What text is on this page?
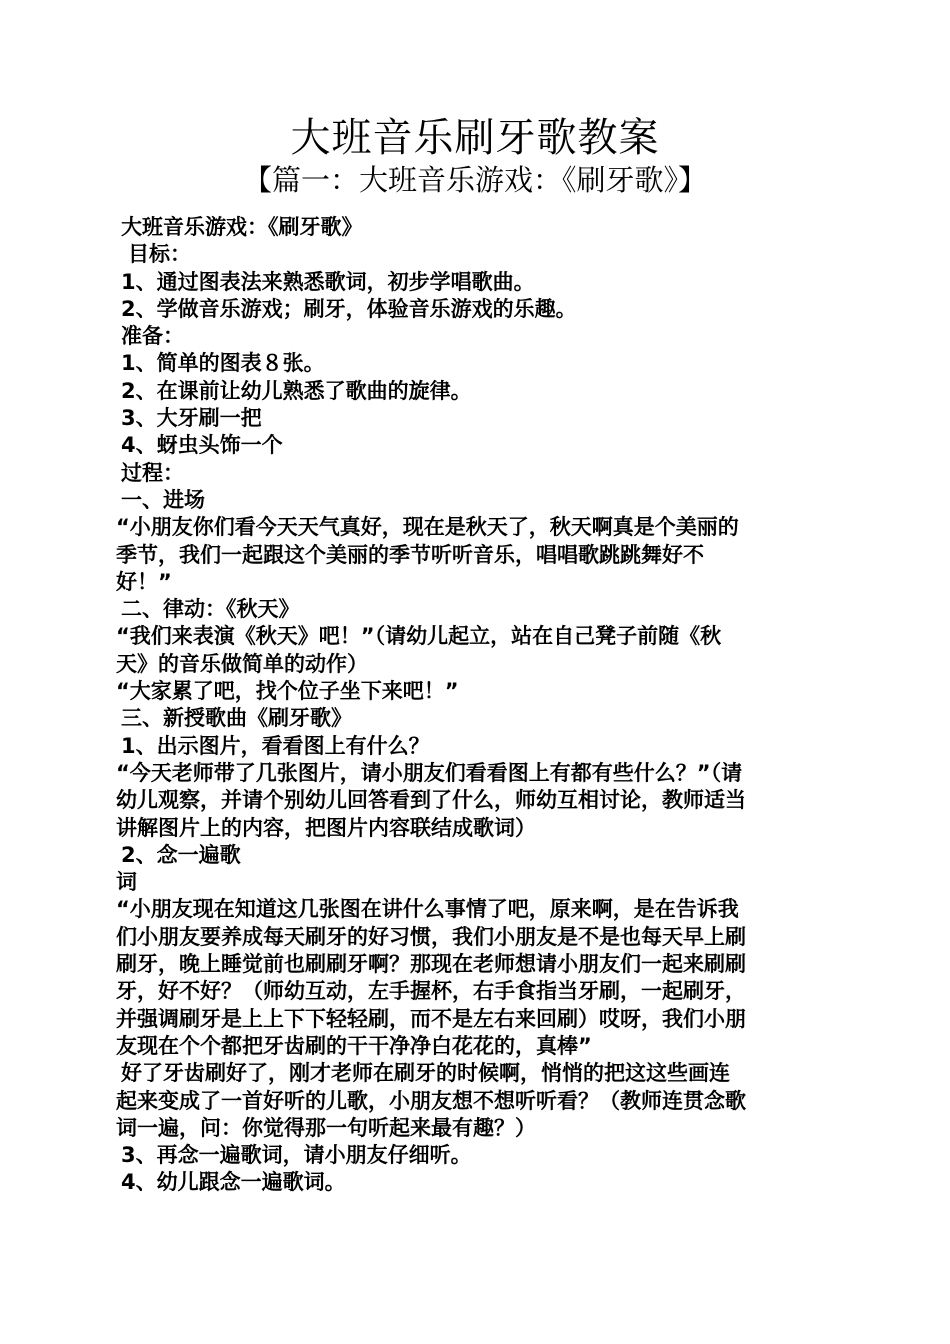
大班音乐刷牙歌教案
【篇一：大班音乐游戏：《刷牙歌》】
大班音乐游戏：《刷牙歌》
目标：
1、通过图表法来熟悉歌词，初步学唱歌曲。
2、学做音乐游戏；刷牙，体验音乐游戏的乐趣。
准备：
1、简单的图表８张。
2、在课前让幼儿熟悉了歌曲的旋律。
3、大牙刷一把
4、蚜虫头饰一个
过程：
一、进场
“小朋友你们看今天天气真好，现在是秋天了，秋天啊真是个美丽的
季节，我们一起跟这个美丽的季节听听音乐，唱唱歌跳跳舞好不
好！”
二、律动：《秋天》
“我们来表演《秋天》吧！”（请幼儿起立，站在自己凳子前随《秋
天》的音乐做简单的动作）
“大家累了吧，找个位子坐下来吧！”
三、新授歌曲《刷牙歌》
1、出示图片，看看图上有什么？
“今天老师带了几张图片，请小朋友们看看图上有都有些什么？”（请
幼儿观察，并请个别幼儿回答看到了什么，师幼互相讨论，教师适当
讲解图片上的内容，把图片内容联结成歌词）
2、念一遍歌
词
“小朋友现在知道这几张图在讲什么事情了吧，原来啊，是在告诉我
们小朋友要养成每天刷牙的好习惯，我们小朋友是不是也每天早上刷
刷牙，晚上睡觉前也刷刷牙啊？那现在老师想请小朋友们一起来刷刷
牙，好不好？（师幼互动，左手握杯，右手食指当牙刷，一起刷牙，
并强调刷牙是上上下下轻轻刷，而不是左右来回刷）哎呀，我们小朋
友现在个个都把牙齿刷的干干净净白花花的，真棒”
好了牙齿刷好了，刚才老师在刷牙的时候啊，悄悄的把这这些画连
起来变成了一首好听的儿歌，小朋友想不想听听看？（教师连贯念歌
词一遍，问：你觉得那一句听起来最有趣？）
3、再念一遍歌词，请小朋友仔细听。
4、幼儿跟念一遍歌词。
